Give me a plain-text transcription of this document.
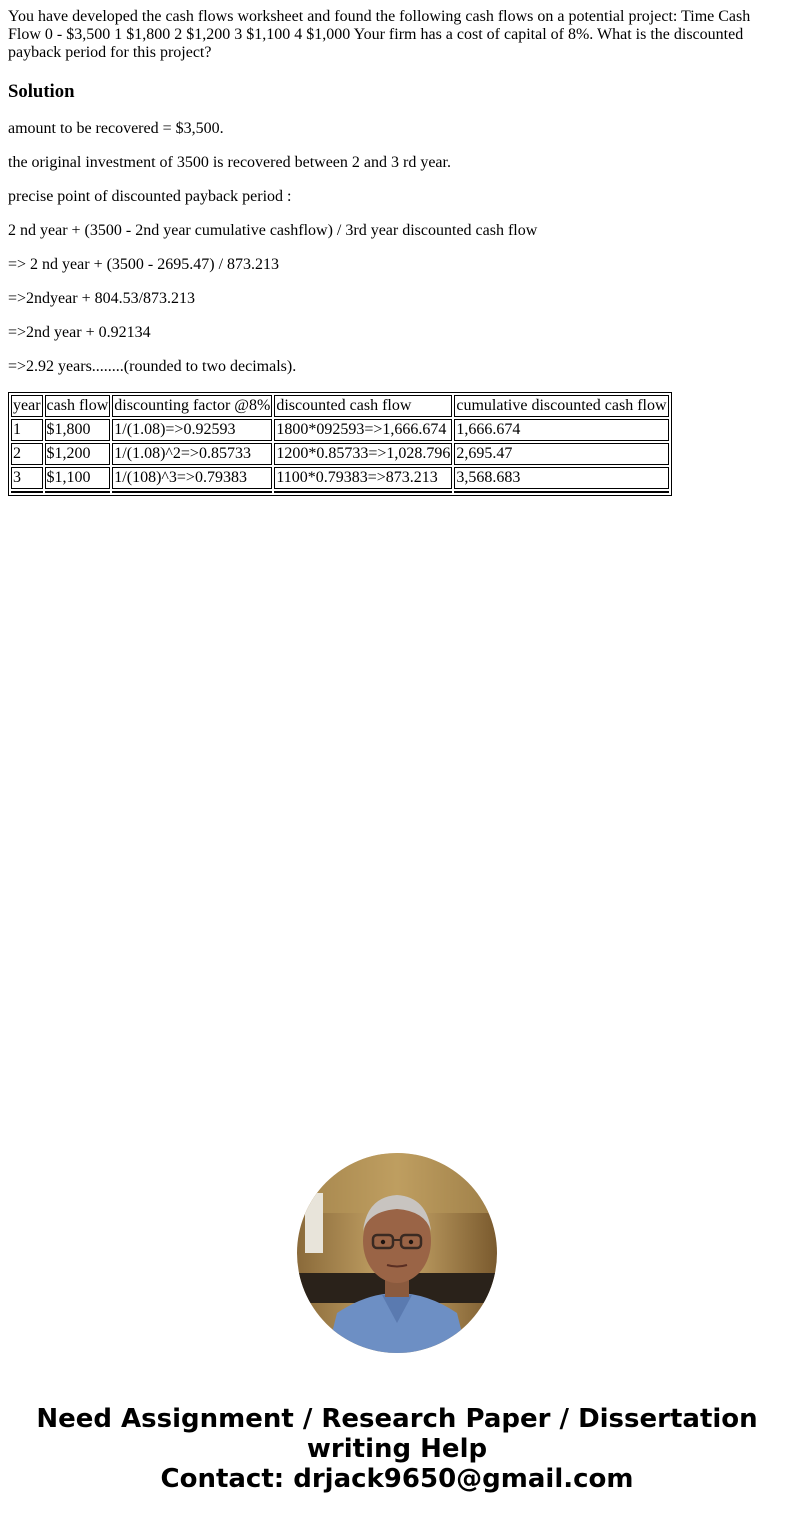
You have developed the cash flows worksheet and found the following cash flows on a potential project: Time Cash Flow 0 - $3,500 1 $1,800 2 $1,200 3 $1,100 4 $1,000 Your firm has a cost of capital of 8%. What is the discounted payback period for this project?

Solution

amount to be recovered = $3,500.

the original investment of 3500 is recovered between 2 and 3 rd year.

precise point of discounted payback period :

2 nd year + (3500 - 2nd year cumulative cashflow) / 3rd year discounted cash flow

=> 2 nd year + (3500 - 2695.47) / 873.213

=>2ndyear + 804.53/873.213

=>2nd year + 0.92134

=>2.92 years........(rounded to two decimals).

year	cash flow	discounting factor @8%	discounted cash flow	cumulative discounted cash flow
1	$1,800	1/(1.08)=>0.92593	1800*092593=>1,666.674	1,666.674
2	$1,200	1/(1.08)^2=>0.85733	1200*0.85733=>1,028.796	2,695.47
3	$1,100	1/(108)^3=>0.79383	1100*0.79383=>873.213	3,568.683

Need Assignment / Research Paper / Dissertation
writing Help
Contact: drjack9650@gmail.com
